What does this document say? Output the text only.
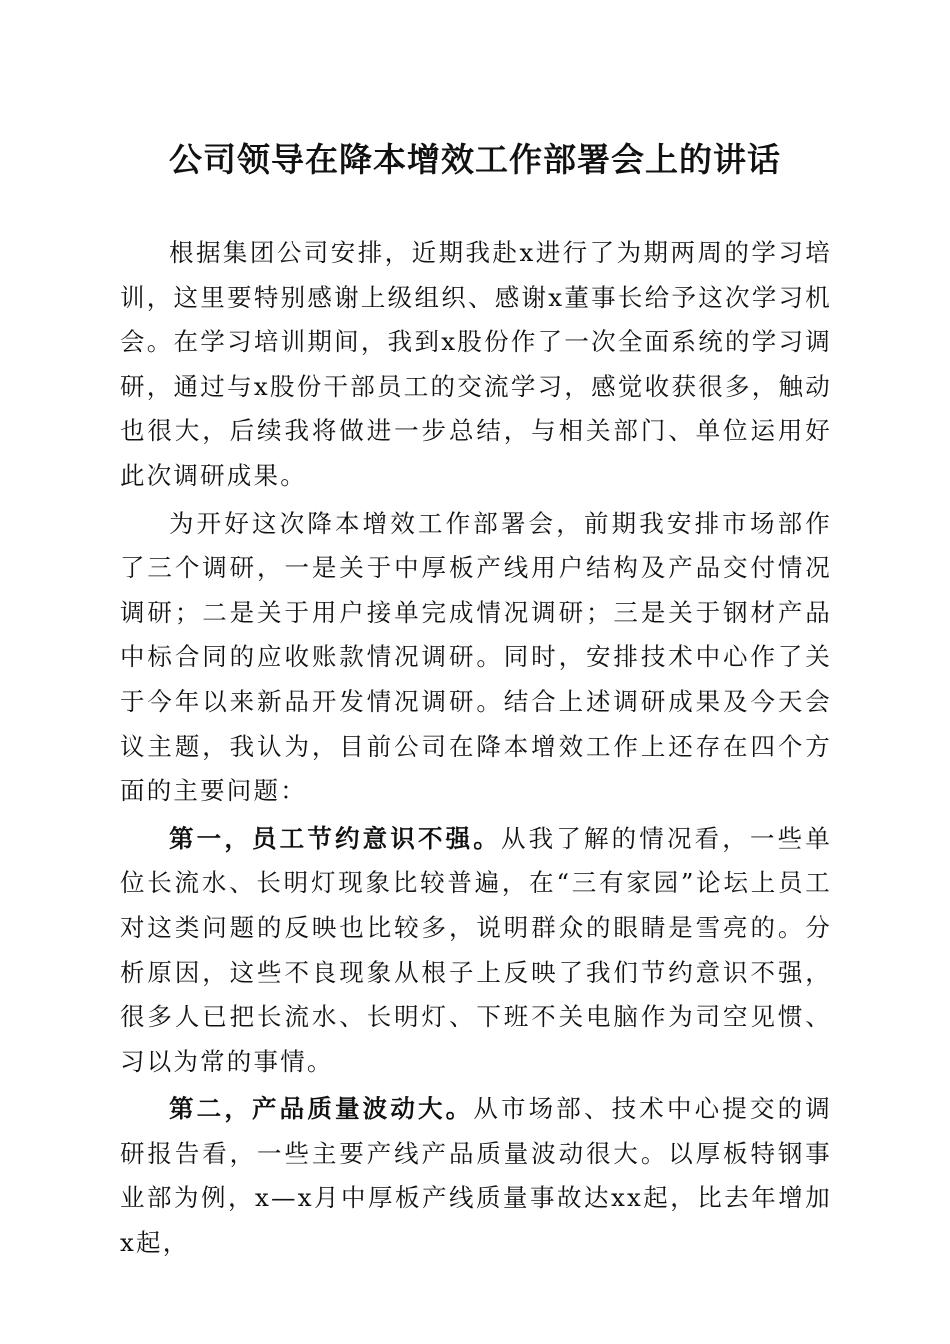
公司领导在降本增效工作部署会上的讲话

根据集团公司安排，近期我赴x进行了为期两周的学习培训，这里要特别感谢上级组织、感谢x董事长给予这次学习机会。在学习培训期间，我到x股份作了一次全面系统的学习调研，通过与x股份干部员工的交流学习，感觉收获很多，触动也很大，后续我将做进一步总结，与相关部门、单位运用好此次调研成果。

为开好这次降本增效工作部署会，前期我安排市场部作了三个调研，一是关于中厚板产线用户结构及产品交付情况调研；二是关于用户接单完成情况调研；三是关于钢材产品中标合同的应收账款情况调研。同时，安排技术中心作了关于今年以来新品开发情况调研。结合上述调研成果及今天会议主题，我认为，目前公司在降本增效工作上还存在四个方面的主要问题：

第一，员工节约意识不强。从我了解的情况看，一些单位长流水、长明灯现象比较普遍，在“三有家园”论坛上员工对这类问题的反映也比较多，说明群众的眼睛是雪亮的。分析原因，这些不良现象从根子上反映了我们节约意识不强，很多人已把长流水、长明灯、下班不关电脑作为司空见惯、习以为常的事情。

第二，产品质量波动大。从市场部、技术中心提交的调研报告看，一些主要产线产品质量波动很大。以厚板特钢事业部为例，x—x月中厚板产线质量事故达xx起，比去年增加x起，
